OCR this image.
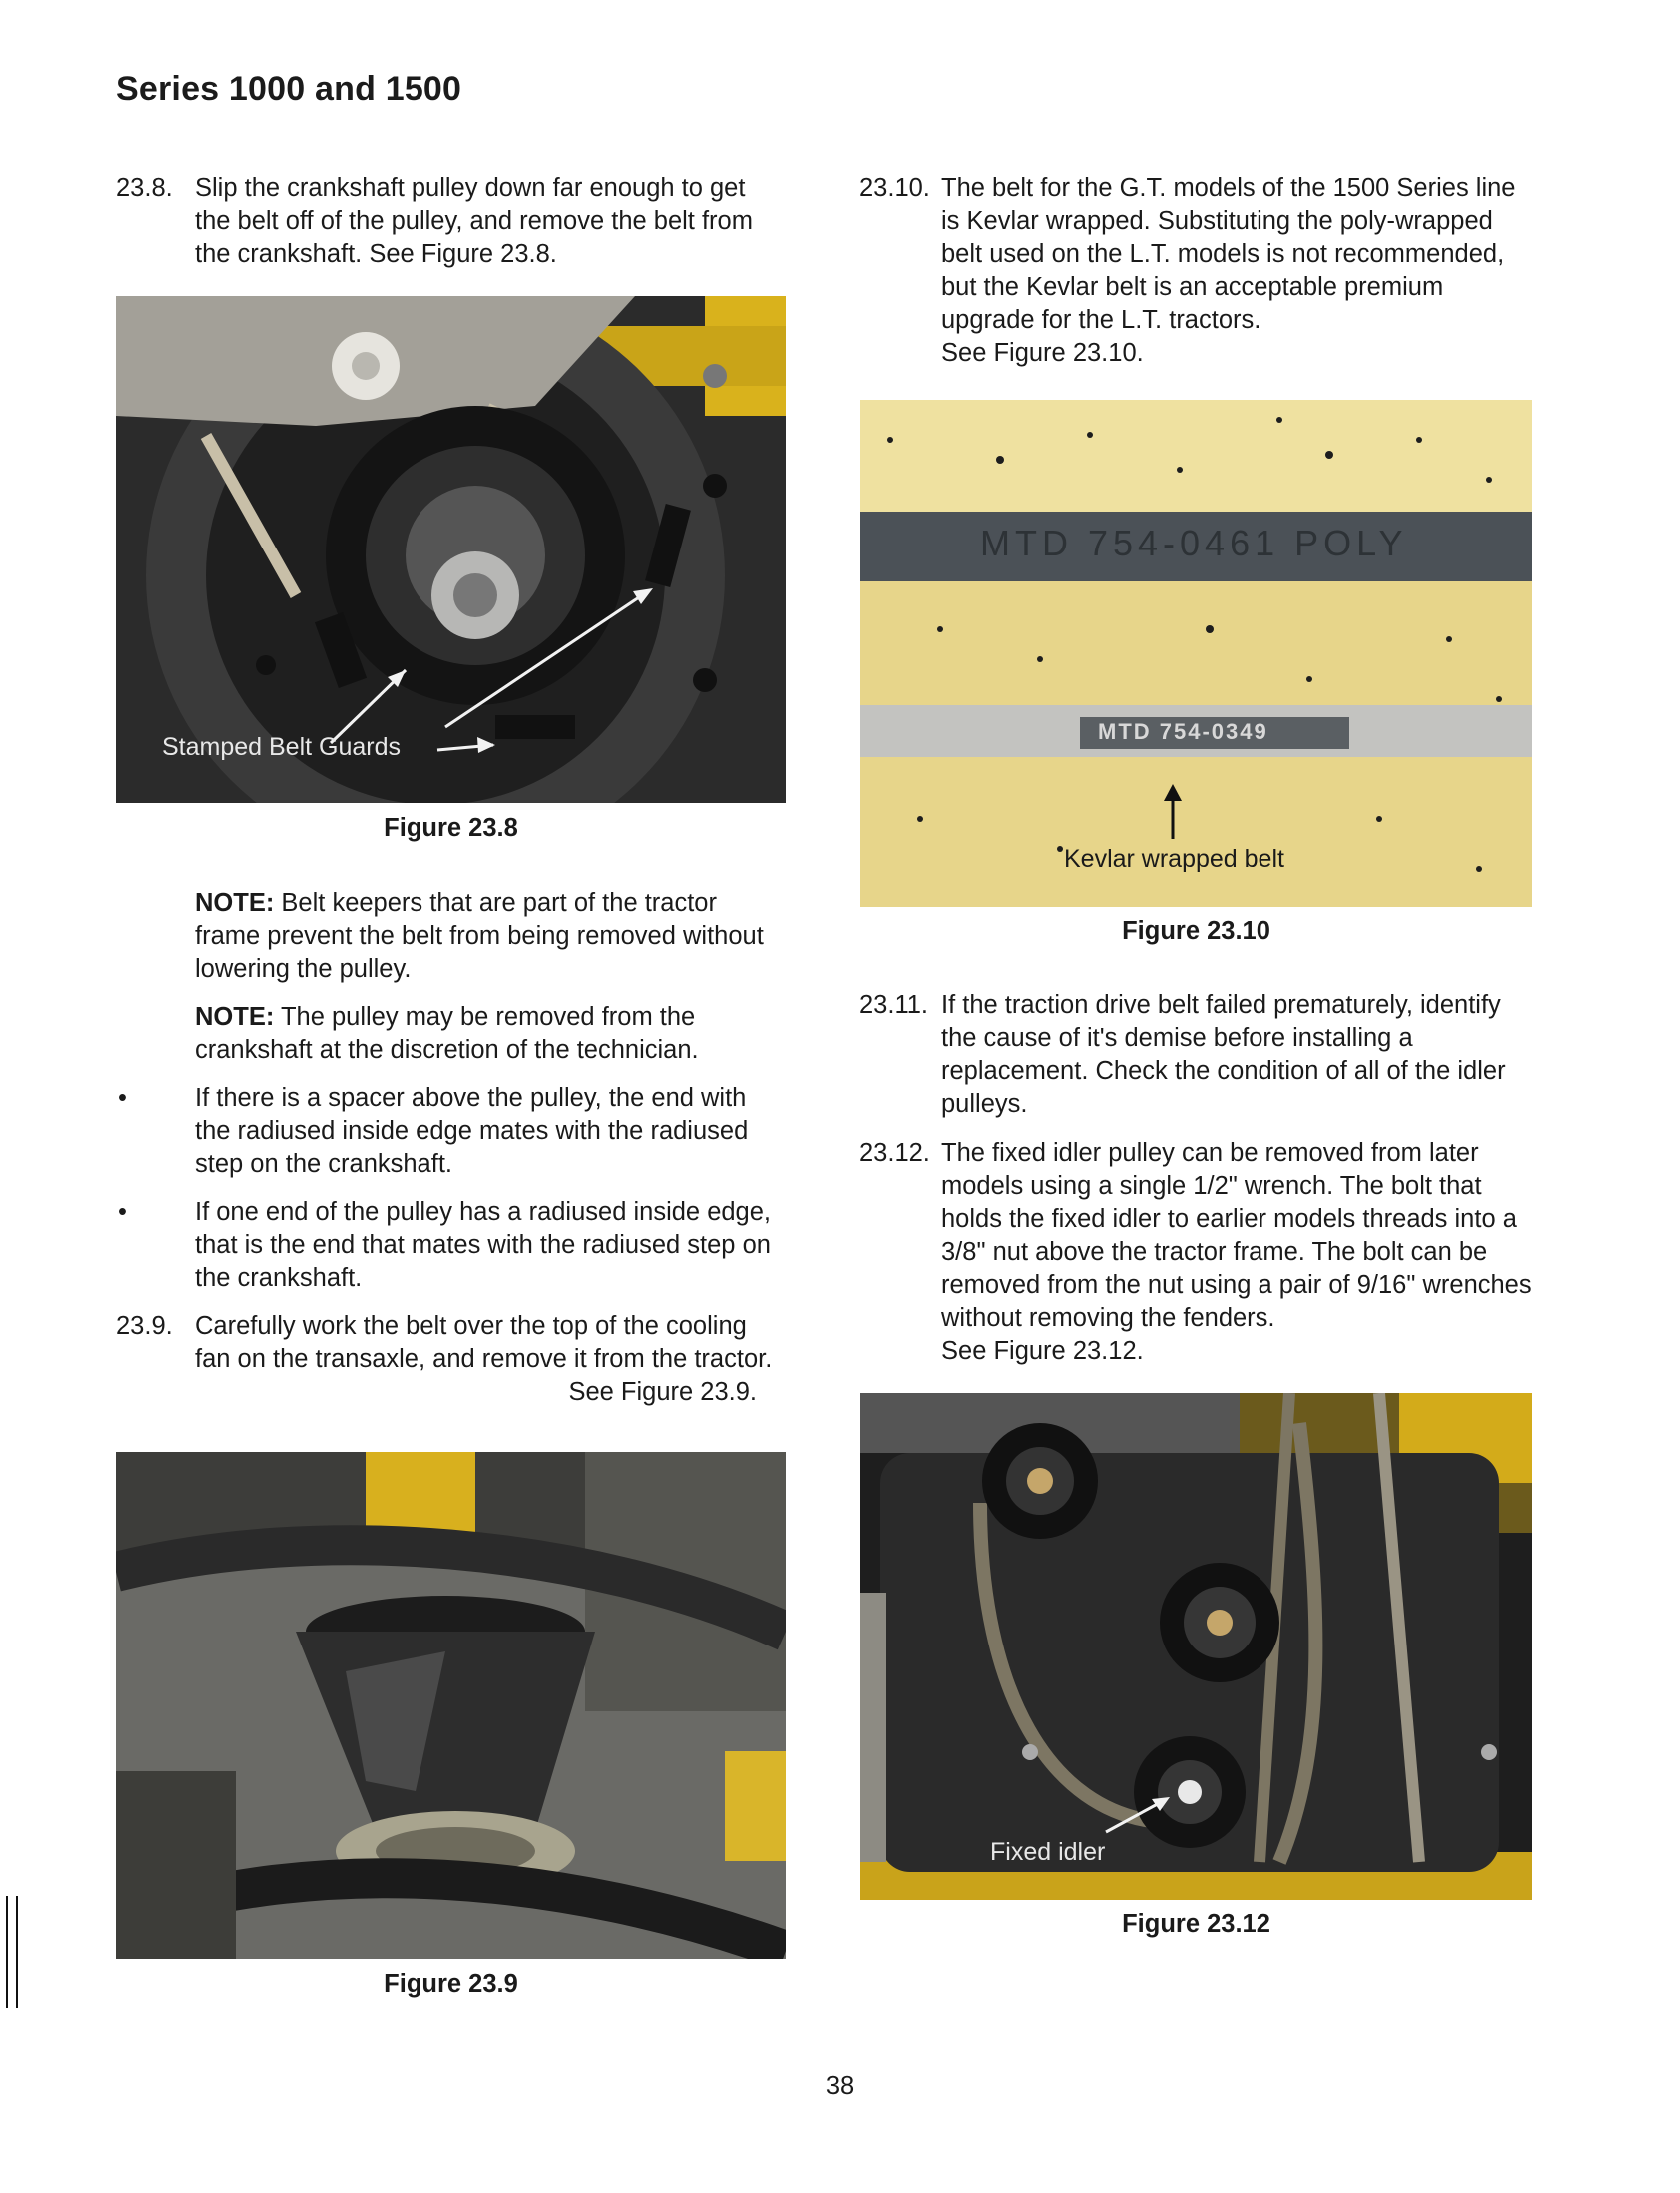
Series 1000 and 1500

23.8. Slip the crankshaft pulley down far enough to get the belt off of the pulley, and remove the belt from the crankshaft. See Figure 23.8.

Stamped Belt Guards
Figure 23.8

NOTE: Belt keepers that are part of the tractor frame prevent the belt from being removed without lowering the pulley.

NOTE: The pulley may be removed from the crankshaft at the discretion of the technician.

•	If there is a spacer above the pulley, the end with the radiused inside edge mates with the radiused step on the crankshaft.

•	If one end of the pulley has a radiused inside edge, that is the end that mates with the radiused step on the crankshaft.

23.9. Carefully work the belt over the top of the cooling fan on the transaxle, and remove it from the tractor.
See Figure 23.9.

Figure 23.9

23.10. The belt for the G.T. models of the 1500 Series line is Kevlar wrapped. Substituting the poly-wrapped belt used on the L.T. models is not recommended, but the Kevlar belt is an acceptable premium upgrade for the L.T. tractors.
See Figure 23.10.

MTD 754-0461 POLY
MTD 754-0349
Kevlar wrapped belt
Figure 23.10

23.11. If the traction drive belt failed prematurely, identify the cause of it's demise before installing a replacement. Check the condition of all of the idler pulleys.

23.12. The fixed idler pulley can be removed from later models using a single 1/2" wrench. The bolt that holds the fixed idler to earlier models threads into a 3/8" nut above the tractor frame. The bolt can be removed from the nut using a pair of 9/16" wrenches without removing the fenders.
See Figure 23.12.

Fixed idler
Figure 23.12
38
